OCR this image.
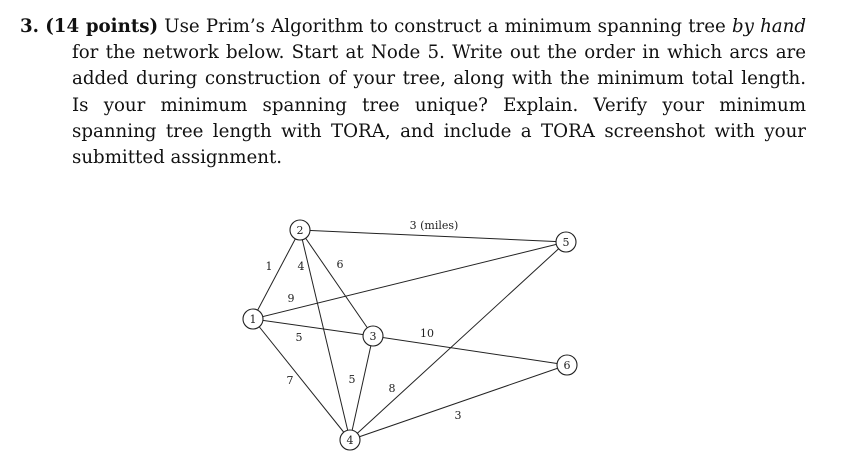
3. (14 points) Use Prim’s Algorithm to construct a minimum spanning tree by hand for the network below. Start at Node 5. Write out the order in which arcs are added during construction of your tree, along with the minimum total length. Is your minimum spanning tree unique? Explain. Verify your minimum spanning tree length with TORA, and include a TORA screenshot with your submitted assignment.

1 4	6
3 (miles)
9
5
7	5
10
8
3
1
2
3
4
5
6
